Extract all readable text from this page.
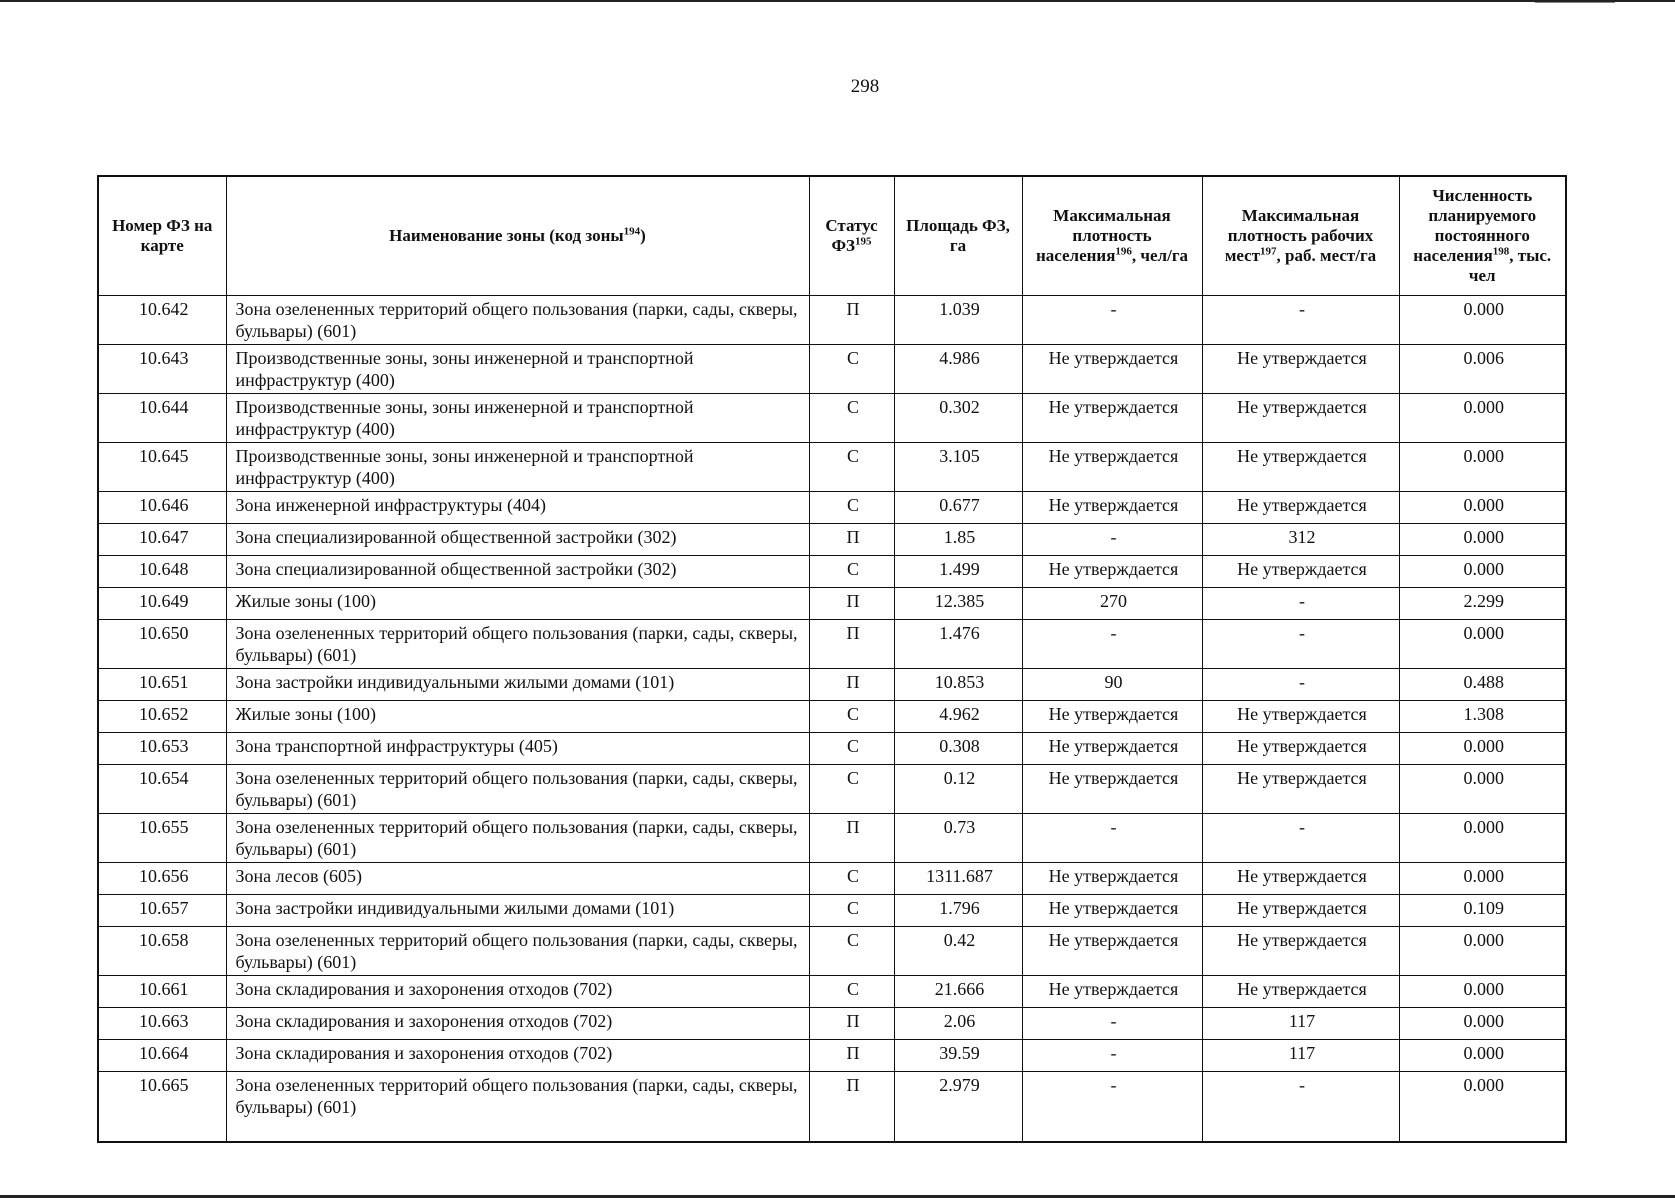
298
Номер ФЗ на карте	Наименование зоны (код зоны$^{194}$)	Статус ФЗ$^{195}$	Площадь ФЗ, га	Максимальная плотность населения$^{196}$, чел/га	Максимальная плотность рабочих мест$^{197}$, раб. мест/га	Численность планируемого постоянного населения$^{198}$, тыс. чел
10.642	Зона озелененных территорий общего пользования (парки, сады, скверы, бульвары) (601)	П	1.039	-	-	0.000
10.643	Производственные зоны, зоны инженерной и транспортной инфраструктур (400)	С	4.986	Не утверждается	Не утверждается	0.006
10.644	Производственные зоны, зоны инженерной и транспортной инфраструктур (400)	С	0.302	Не утверждается	Не утверждается	0.000
10.645	Производственные зоны, зоны инженерной и транспортной инфраструктур (400)	С	3.105	Не утверждается	Не утверждается	0.000
10.646	Зона инженерной инфраструктуры (404)	С	0.677	Не утверждается	Не утверждается	0.000
10.647	Зона специализированной общественной застройки (302)	П	1.85	-	312	0.000
10.648	Зона специализированной общественной застройки (302)	С	1.499	Не утверждается	Не утверждается	0.000
10.649	Жилые зоны (100)	П	12.385	270	-	2.299
10.650	Зона озелененных территорий общего пользования (парки, сады, скверы, бульвары) (601)	П	1.476	-	-	0.000
10.651	Зона застройки индивидуальными жилыми домами (101)	П	10.853	90	-	0.488
10.652	Жилые зоны (100)	С	4.962	Не утверждается	Не утверждается	1.308
10.653	Зона транспортной инфраструктуры (405)	С	0.308	Не утверждается	Не утверждается	0.000
10.654	Зона озелененных территорий общего пользования (парки, сады, скверы, бульвары) (601)	С	0.12	Не утверждается	Не утверждается	0.000
10.655	Зона озелененных территорий общего пользования (парки, сады, скверы, бульвары) (601)	П	0.73	-	-	0.000
10.656	Зона лесов (605)	С	1311.687	Не утверждается	Не утверждается	0.000
10.657	Зона застройки индивидуальными жилыми домами (101)	С	1.796	Не утверждается	Не утверждается	0.109
10.658	Зона озелененных территорий общего пользования (парки, сады, скверы, бульвары) (601)	С	0.42	Не утверждается	Не утверждается	0.000
10.661	Зона складирования и захоронения отходов (702)	С	21.666	Не утверждается	Не утверждается	0.000
10.663	Зона складирования и захоронения отходов (702)	П	2.06	-	117	0.000
10.664	Зона складирования и захоронения отходов (702)	П	39.59	-	117	0.000
10.665	Зона озелененных территорий общего пользования (парки, сады, скверы, бульвары) (601)	П	2.979	-	-	0.000
